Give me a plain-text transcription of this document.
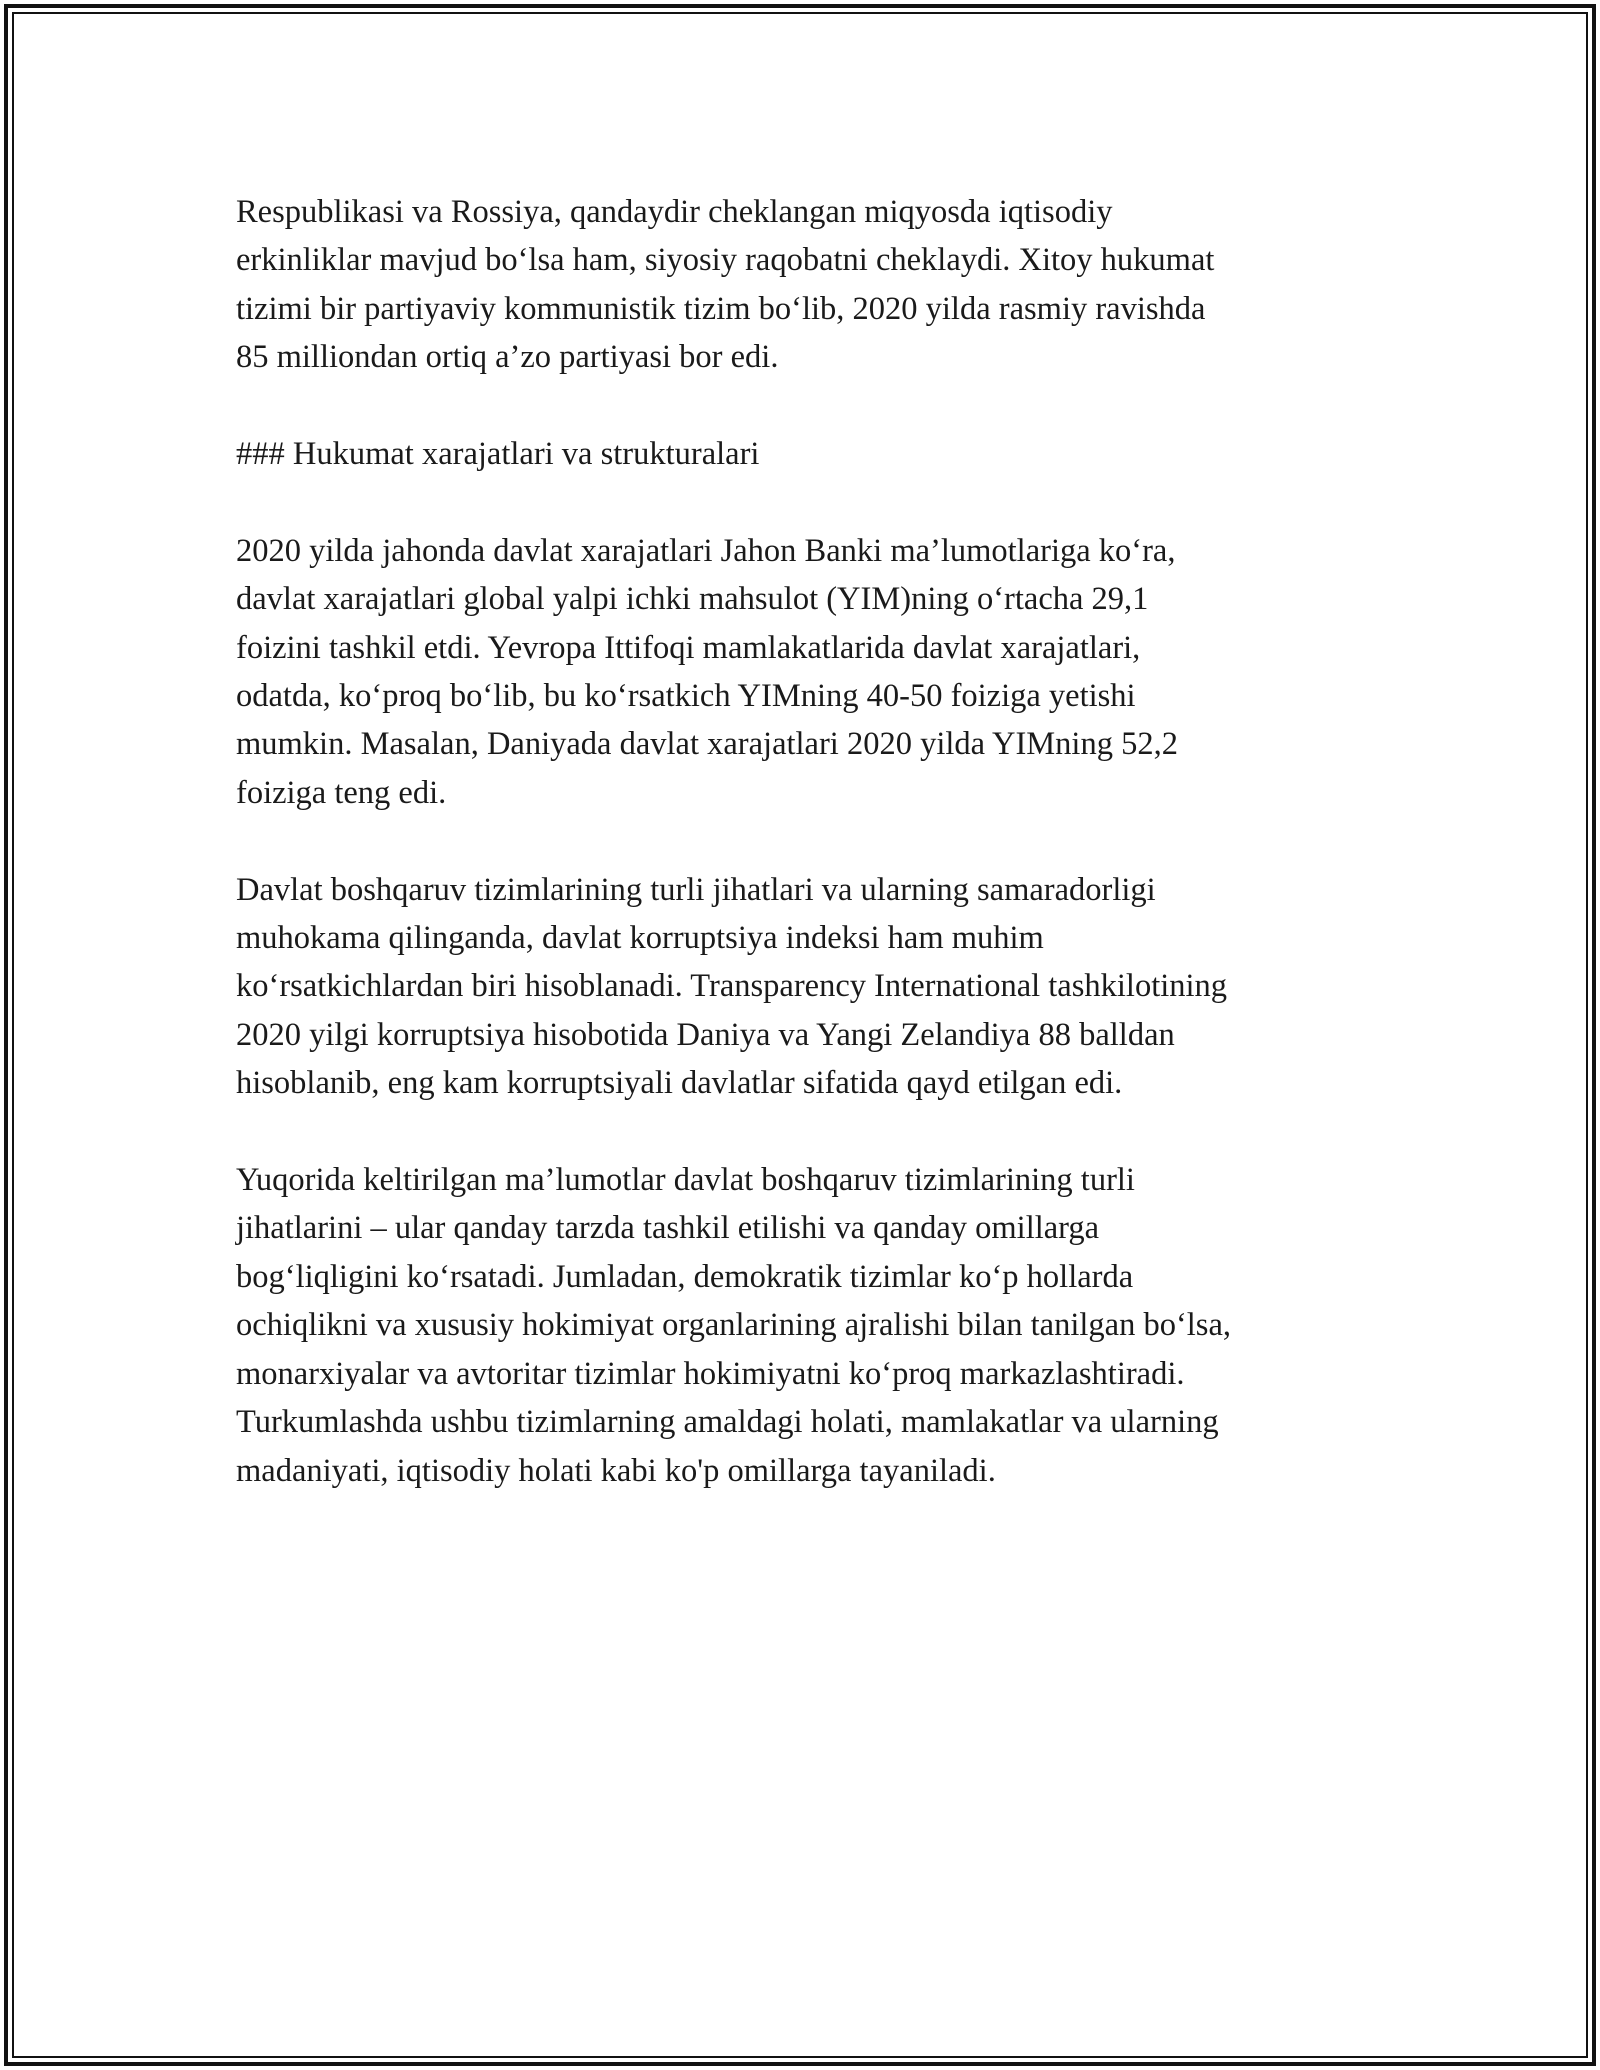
Respublikasi va Rossiya, qandaydir cheklangan miqyosda iqtisodiy
erkinliklar mavjud bo‘lsa ham, siyosiy raqobatni cheklaydi. Xitoy hukumat
tizimi bir partiyaviy kommunistik tizim bo‘lib, 2020 yilda rasmiy ravishda
85 milliondan ortiq a’zo partiyasi bor edi.

### Hukumat xarajatlari va strukturalari

2020 yilda jahonda davlat xarajatlari Jahon Banki ma’lumotlariga ko‘ra,
davlat xarajatlari global yalpi ichki mahsulot (YIM)ning o‘rtacha 29,1
foizini tashkil etdi. Yevropa Ittifoqi mamlakatlarida davlat xarajatlari,
odatda, ko‘proq bo‘lib, bu ko‘rsatkich YIMning 40-50 foiziga yetishi
mumkin. Masalan, Daniyada davlat xarajatlari 2020 yilda YIMning 52,2
foiziga teng edi.

Davlat boshqaruv tizimlarining turli jihatlari va ularning samaradorligi
muhokama qilinganda, davlat korruptsiya indeksi ham muhim
ko‘rsatkichlardan biri hisoblanadi. Transparency International tashkilotining
2020 yilgi korruptsiya hisobotida Daniya va Yangi Zelandiya 88 balldan
hisoblanib, eng kam korruptsiyali davlatlar sifatida qayd etilgan edi.

Yuqorida keltirilgan ma’lumotlar davlat boshqaruv tizimlarining turli
jihatlarini – ular qanday tarzda tashkil etilishi va qanday omillarga
bog‘liqligini ko‘rsatadi. Jumladan, demokratik tizimlar ko‘p hollarda
ochiqlikni va xususiy hokimiyat organlarining ajralishi bilan tanilgan bo‘lsa,
monarxiyalar va avtoritar tizimlar hokimiyatni ko‘proq markazlashtiradi.
Turkumlashda ushbu tizimlarning amaldagi holati, mamlakatlar va ularning
madaniyati, iqtisodiy holati kabi ko'p omillarga tayaniladi.
